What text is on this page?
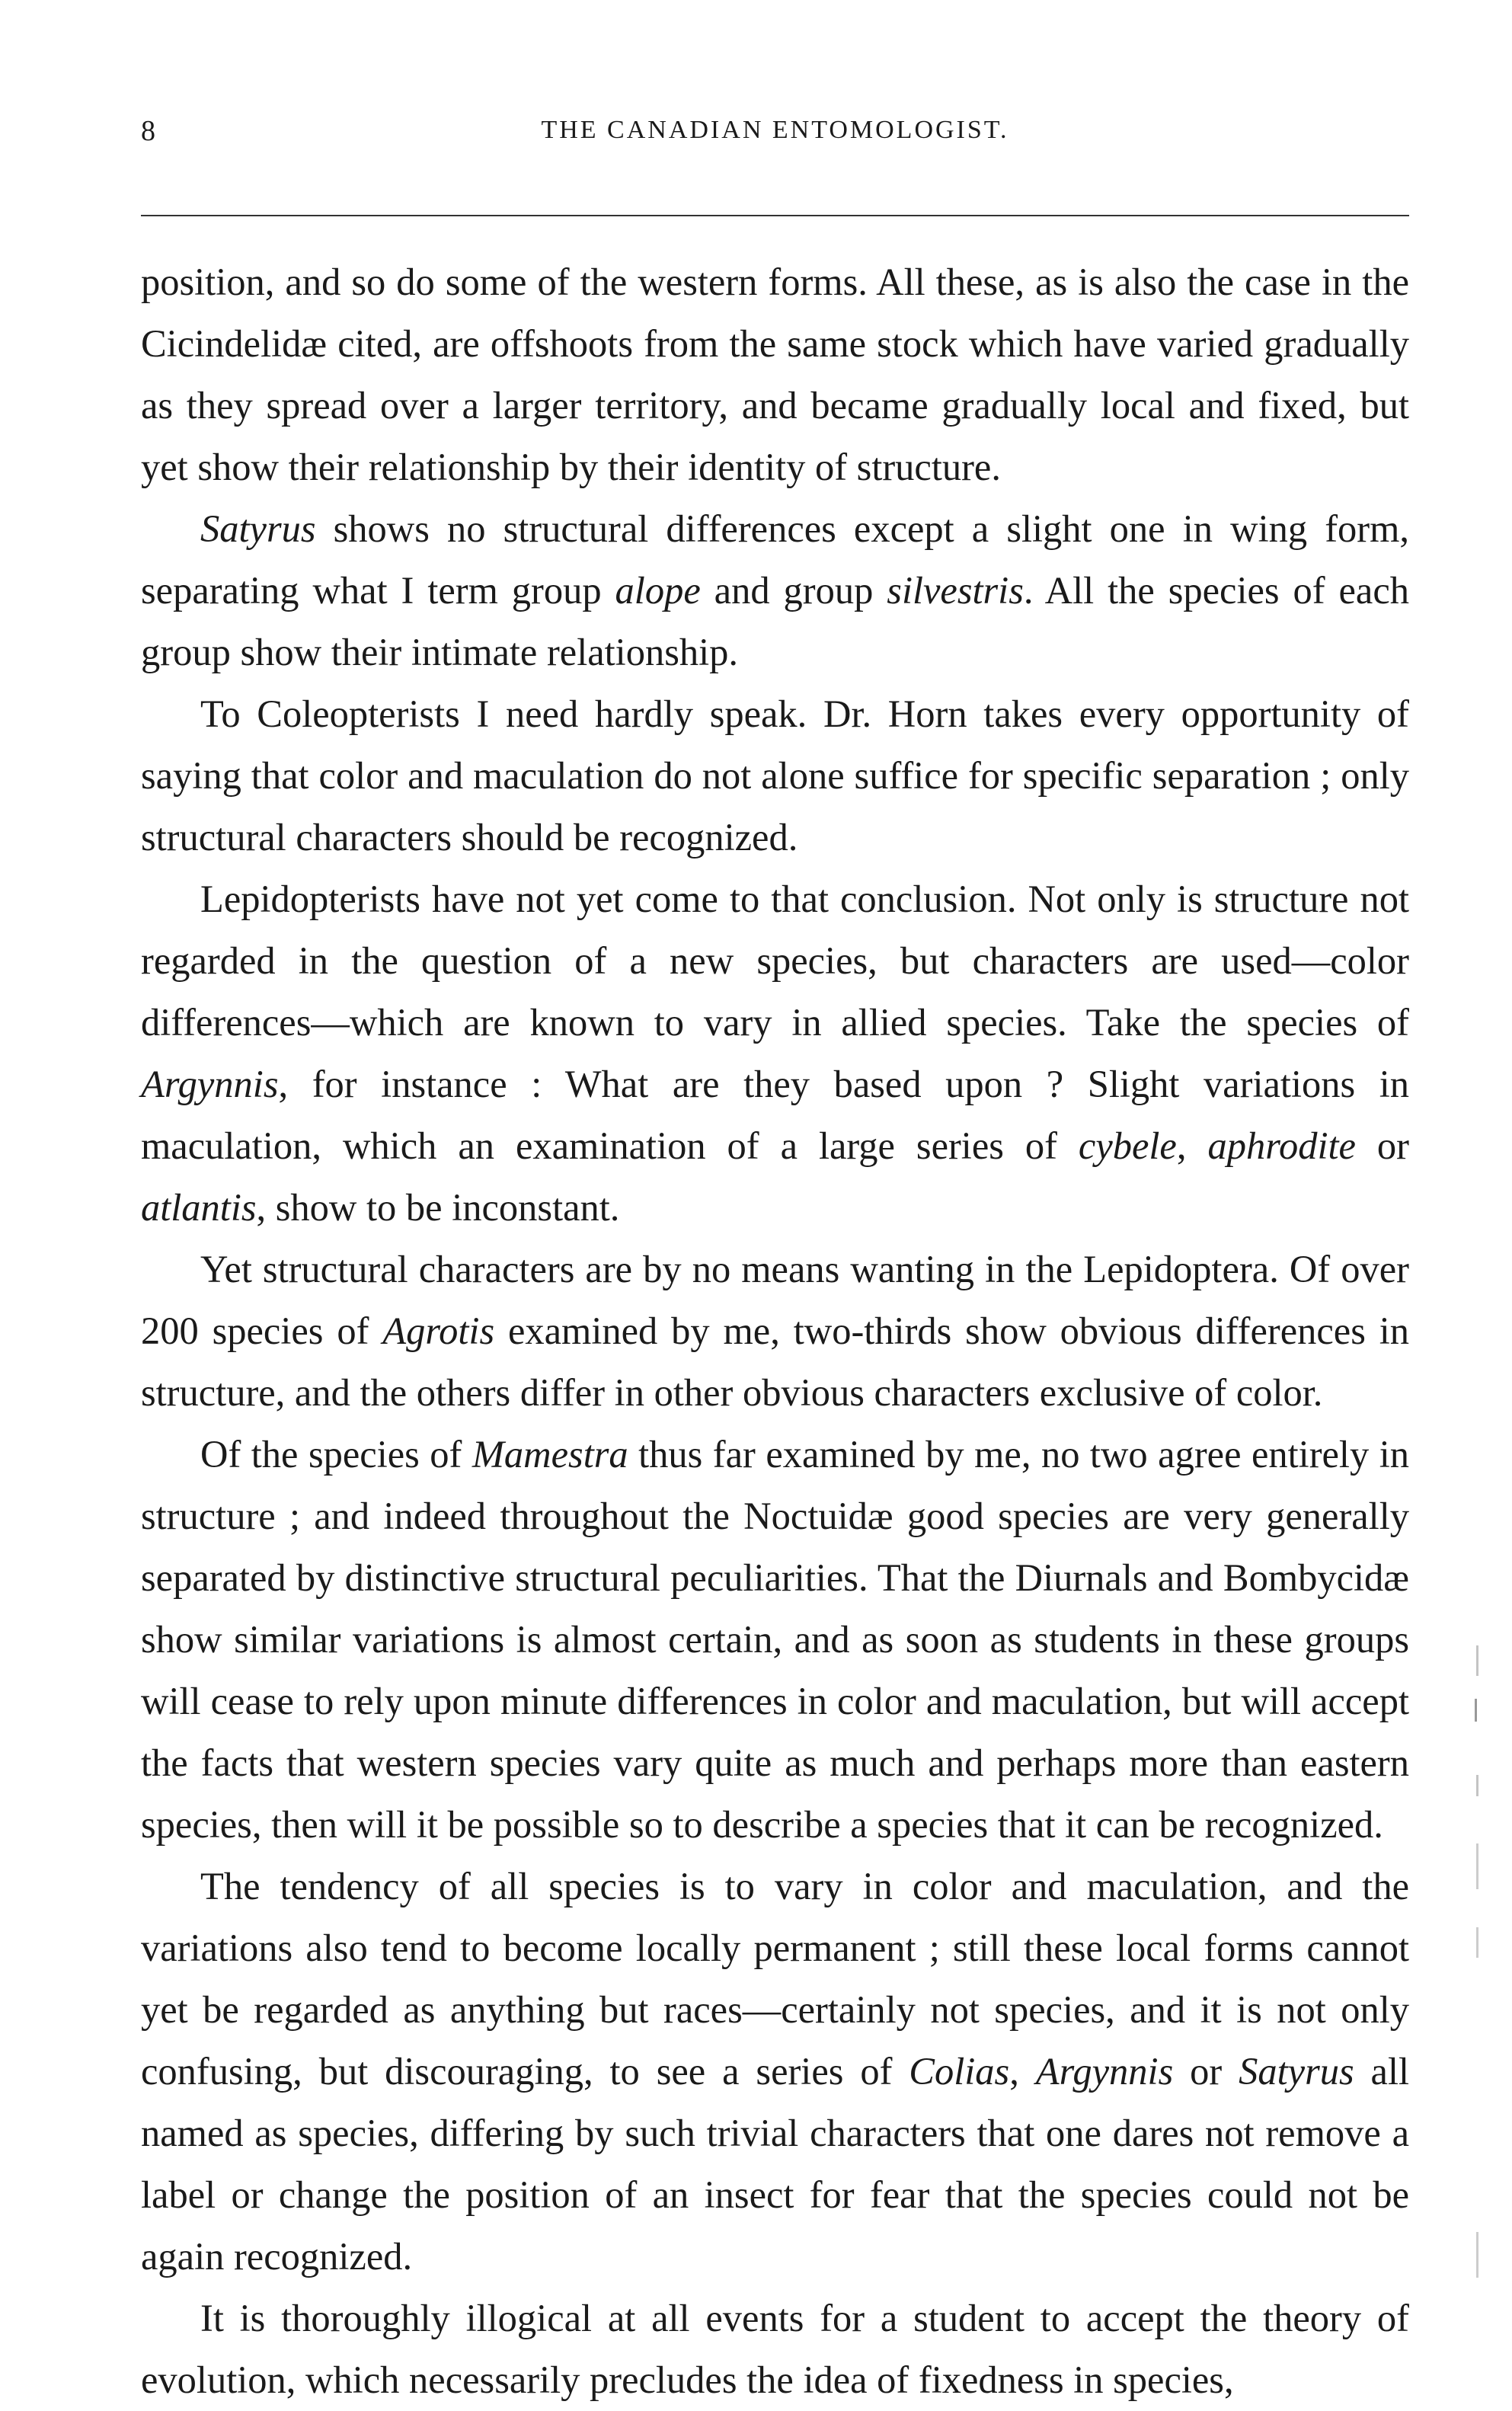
8	THE CANADIAN ENTOMOLOGIST.

position, and so do some of the western forms. All these, as is also the case in the Cicindelidæ cited, are offshoots from the same stock which have varied gradually as they spread over a larger territory, and became gradually local and fixed, but yet show their relationship by their identity of structure.

Satyrus shows no structural differences except a slight one in wing form, separating what I term group alope and group silvestris. All the species of each group show their intimate relationship.

To Coleopterists I need hardly speak. Dr. Horn takes every opportunity of saying that color and maculation do not alone suffice for specific separation ; only structural characters should be recognized.

Lepidopterists have not yet come to that conclusion. Not only is structure not regarded in the question of a new species, but characters are used—color differences—which are known to vary in allied species. Take the species of Argynnis, for instance : What are they based upon ? Slight variations in maculation, which an examination of a large series of cybele, aphrodite or atlantis, show to be inconstant.

Yet structural characters are by no means wanting in the Lepidoptera. Of over 200 species of Agrotis examined by me, two-thirds show obvious differences in structure, and the others differ in other obvious characters exclusive of color.

Of the species of Mamestra thus far examined by me, no two agree entirely in structure ; and indeed throughout the Noctuidæ good species are very generally separated by distinctive structural peculiarities. That the Diurnals and Bombycidæ show similar variations is almost certain, and as soon as students in these groups will cease to rely upon minute differences in color and maculation, but will accept the facts that western species vary quite as much and perhaps more than eastern species, then will it be possible so to describe a species that it can be recognized.

The tendency of all species is to vary in color and maculation, and the variations also tend to become locally permanent ; still these local forms cannot yet be regarded as anything but races—certainly not species, and it is not only confusing, but discouraging, to see a series of Colias, Argynnis or Satyrus all named as species, differing by such trivial characters that one dares not remove a label or change the position of an insect for fear that the species could not be again recognized.

It is thoroughly illogical at all events for a student to accept the theory of evolution, which necessarily precludes the idea of fixedness in species,
